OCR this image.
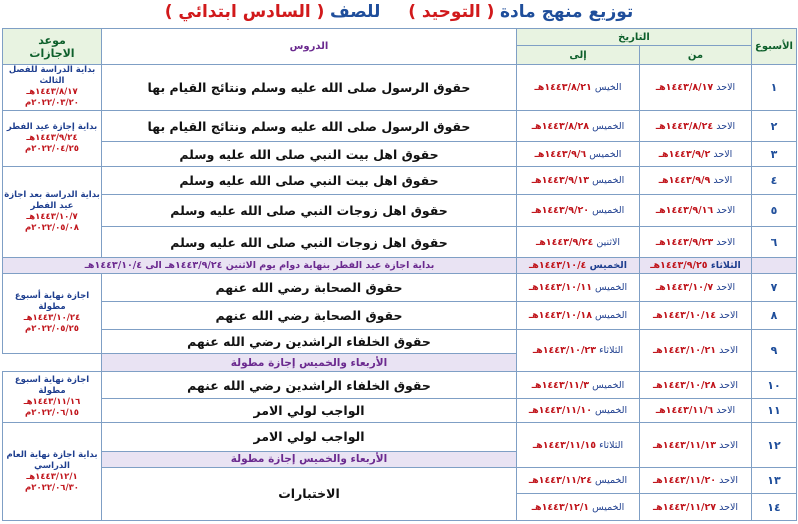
توزيع منهج مادة ( التوحيد )     للصف ( السادس ابتدائي )
الأسبوع	التاريخ		الدروس	موعد
الاجازات
	من	إلى		
١	الاحد ١٤٤٣/٨/١٧هـ	الخيس ١٤٤٣/٨/٢١هـ	حقوق الرسول صلى الله عليه وسلم ونتائج القيام بها	بداية الدراسة للفصل الثالث
١٤٤٣/٨/١٧هـ
٢٠٢٢/٠٣/٢٠م

٢	الاحد ١٤٤٣/٨/٢٤هـ	الخميس ١٤٤٣/٨/٢٨هـ	حقوق الرسول صلى الله عليه وسلم ونتائج القيام بها	بداية إجازة عيد الفطر
١٤٤٣/٩/٢٤هـ
٢٠٢٢/٠٤/٢٥م

٣	الاحد ١٤٤٣/٩/٢هـ	الخميس ١٤٤٣/٩/٦هـ	حقوق اهل بيت النبي صلى الله عليه وسلم	
٤	الاحد ١٤٤٣/٩/٩هـ	الخميس ١٤٤٣/٩/١٣هـ	حقوق اهل بيت النبي صلى الله عليه وسلم	بداية الدراسة بعد اجازة عيد الفطر
١٤٤٣/١٠/٧هـ
٢٠٢٢/٠٥/٠٨م

٥	الاحد ١٤٤٣/٩/١٦هـ	الخميس ١٤٤٣/٩/٢٠هـ	حقوق اهل زوجات النبي صلى الله عليه وسلم	
٦	الاحد ١٤٤٣/٩/٢٣هـ	الاثنين ١٤٤٣/٩/٢٤هـ	حقوق اهل زوجات النبي صلى الله عليه وسلم	
	الثلاثاء ١٤٤٣/٩/٢٥هـ	الخميس ١٤٤٣/١٠/٤هـ	بداية اجازة عيد الفطر بنهاية دوام يوم الاثنين ١٤٤٣/٩/٢٤هـ الى ١٤٤٣/١٠/٤هـ	
٧	الاحد ١٤٤٣/١٠/٧هـ	الخميس ١٤٤٣/١٠/١١هـ	حقوق الصحابة رضي الله عنهم	اجازة نهاية أسبوع مطولة
١٤٤٣/١٠/٢٤هـ
٢٠٢٢/٠٥/٢٥م

٨	الاحد ١٤٤٣/١٠/١٤هـ	الخميس ١٤٤٣/١٠/١٨هـ	حقوق الصحابة رضي الله عنهم	
٩	الاحد ١٤٤٣/١٠/٢١هـ	الثلاثاء ١٤٤٣/١٠/٢٣هـ	حقوق الخلفاء الراشدين رضي الله عنهم	
			الأربعاء والخميس إجازة مطولة	
١٠	الاحد ١٤٤٣/١٠/٢٨هـ	الخميس ١٤٤٣/١١/٣هـ	حقوق الخلفاء الراشدين رضي الله عنهم	اجازة نهاية اسبوع مطولة
١٤٤٣/١١/١٦هـ
٢٠٢٢/٠٦/١٥م

١١	الاحد ١٤٤٣/١١/٦هـ	الخميس ١٤٤٣/١١/١٠هـ	الواجب لولي الامر	
١٢	الاحد ١٤٤٣/١١/١٣هـ	الثلاثاء ١٤٤٣/١١/١٥هـ	الواجب لولي الامر	بداية اجازة نهاية العام الدراسي
١٤٤٣/١٢/١هـ
٢٠٢٢/٠٦/٣٠م

			الأربعاء والخميس إجازة مطولة	
١٣	الاحد ١٤٤٣/١١/٢٠هـ	الخميس ١٤٤٣/١١/٢٤هـ	الاختبارات	
١٤	الاحد ١٤٤٣/١١/٢٧هـ	الخميس ١٤٤٣/١٢/١هـ		
